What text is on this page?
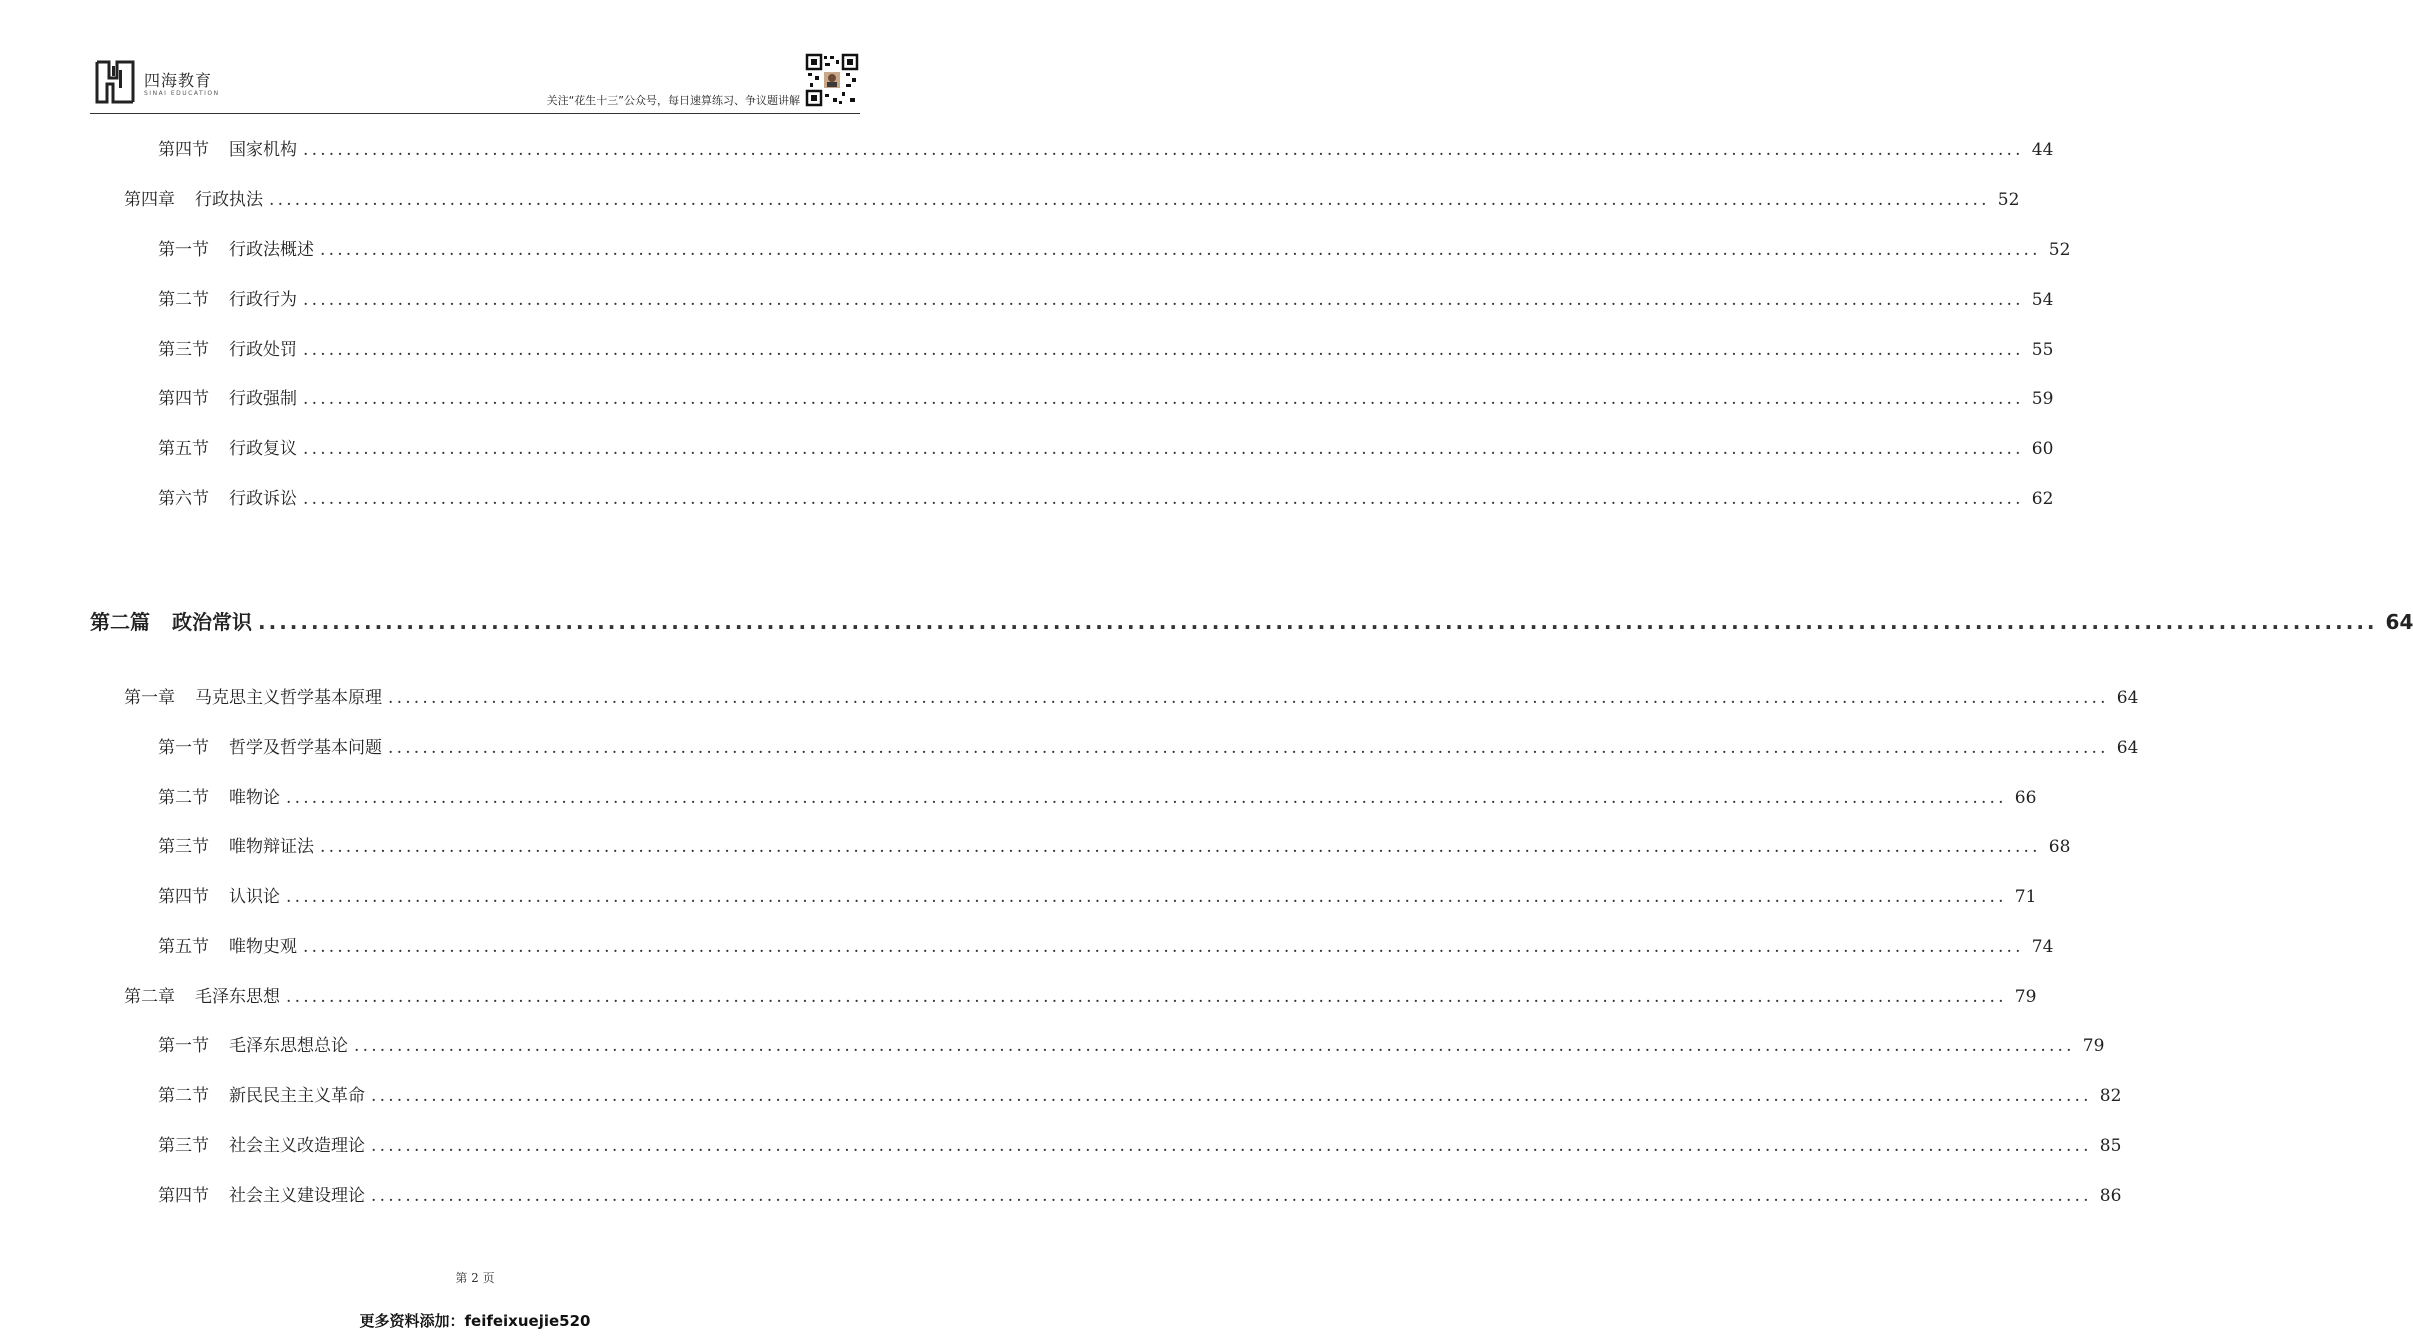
四海教育
SINAI EDUCATION
关注“花生十三”公众号，每日速算练习、争议题讲解
第四节 国家机构 ........................................................................................................................................................................................................ 44
第四章 行政执法 ........................................................................................................................................................................................................ 52
第一节 行政法概述 ........................................................................................................................................................................................................ 52
第二节 行政行为 ........................................................................................................................................................................................................ 54
第三节 行政处罚 ........................................................................................................................................................................................................ 55
第四节 行政强制 ........................................................................................................................................................................................................ 59
第五节 行政复议 ........................................................................................................................................................................................................ 60
第六节 行政诉讼 ........................................................................................................................................................................................................ 62
第二篇 政治常识 ........................................................................................................................................................................................................ 64
第一章 马克思主义哲学基本原理 ........................................................................................................................................................................................................ 64
第一节 哲学及哲学基本问题 ........................................................................................................................................................................................................ 64
第二节 唯物论 ........................................................................................................................................................................................................ 66
第三节 唯物辩证法 ........................................................................................................................................................................................................ 68
第四节 认识论 ........................................................................................................................................................................................................ 71
第五节 唯物史观 ........................................................................................................................................................................................................ 74
第二章 毛泽东思想 ........................................................................................................................................................................................................ 79
第一节 毛泽东思想总论 ........................................................................................................................................................................................................ 79
第二节 新民民主主义革命 ........................................................................................................................................................................................................ 82
第三节 社会主义改造理论 ........................................................................................................................................................................................................ 85
第四节 社会主义建设理论 ........................................................................................................................................................................................................ 86
第 2 页
更多资料添加：feifeixuejie520
